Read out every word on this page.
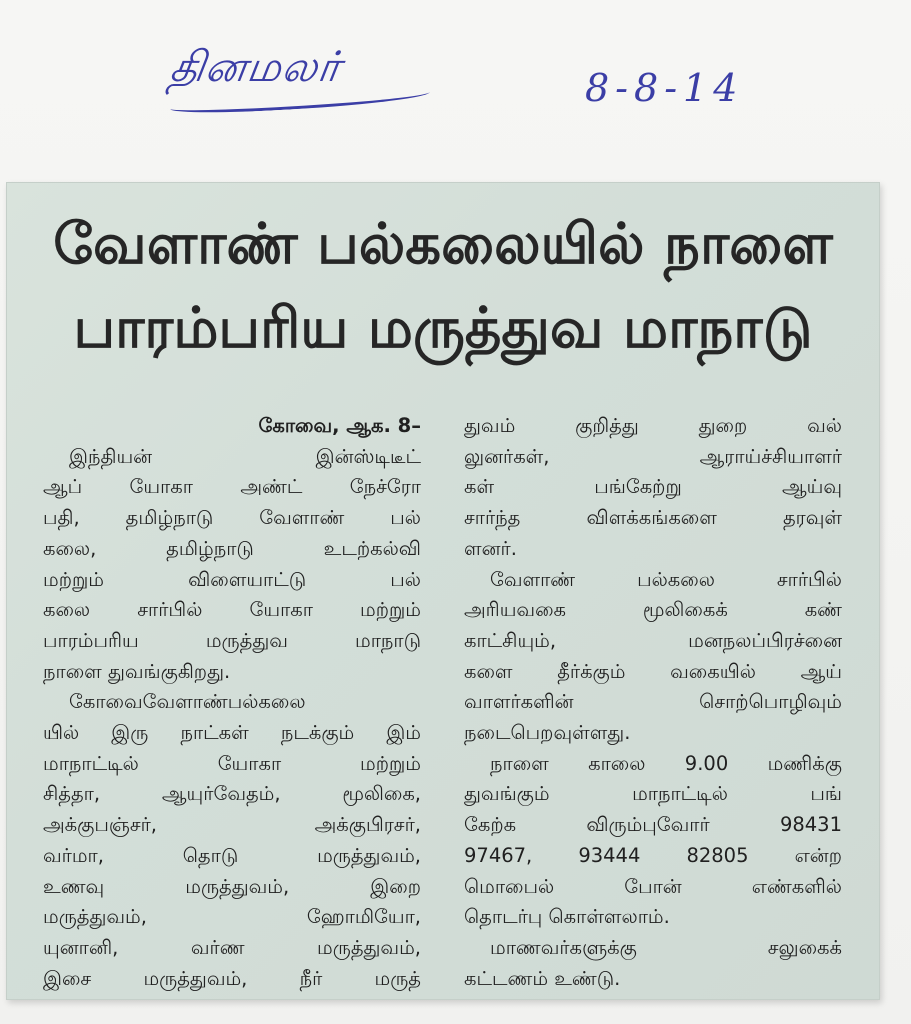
தினமலர்	8-8-14
வேளாண் பல்கலையில் நாளை
பாரம்பரிய மருத்துவ மாநாடு
கோவை, ஆக. 8–
இந்தியன் இன்ஸ்டிடீட்
ஆப் யோகா அண்ட் நேச்ரோ
பதி, தமிழ்நாடு வேளாண் பல்
கலை, தமிழ்நாடு உடற்கல்வி
மற்றும் விளையாட்டு பல்
கலை சார்பில் யோகா மற்றும்
பாரம்பரிய மருத்துவ மாநாடு
நாளை துவங்குகிறது.
கோவைவேளாண்பல்கலை
யில் இரு நாட்கள் நடக்கும் இம்
மாநாட்டில் யோகா மற்றும்
சித்தா, ஆயுர்வேதம், மூலிகை,
அக்குபஞ்சர், அக்குபிரசர்,
வர்மா, தொடு மருத்துவம்,
உணவு மருத்துவம், இறை
மருத்துவம், ஹோமியோ,
யுனானி, வர்ண மருத்துவம்,
இசை மருத்துவம், நீர் மருத்
துவம் குறித்து துறை வல்
லுனர்கள், ஆராய்ச்சியாளர்
கள் பங்கேற்று ஆய்வு
சார்ந்த விளக்கங்களை தரவுள்
ளனர்.
வேளாண் பல்கலை சார்பில்
அரியவகை மூலிகைக் கண்
காட்சியும், மனநலப்பிரச்னை
களை தீர்க்கும் வகையில் ஆய்
வாளர்களின் சொற்பொழிவும்
நடைபெறவுள்ளது.
நாளை காலை 9.00 மணிக்கு
துவங்கும் மாநாட்டில் பங்
கேற்க விரும்புவோர் 98431
97467, 93444 82805 என்ற
மொபைல் போன் எண்களில்
தொடர்பு கொள்ளலாம்.
மாணவர்களுக்கு சலுகைக்
கட்டணம் உண்டு.
